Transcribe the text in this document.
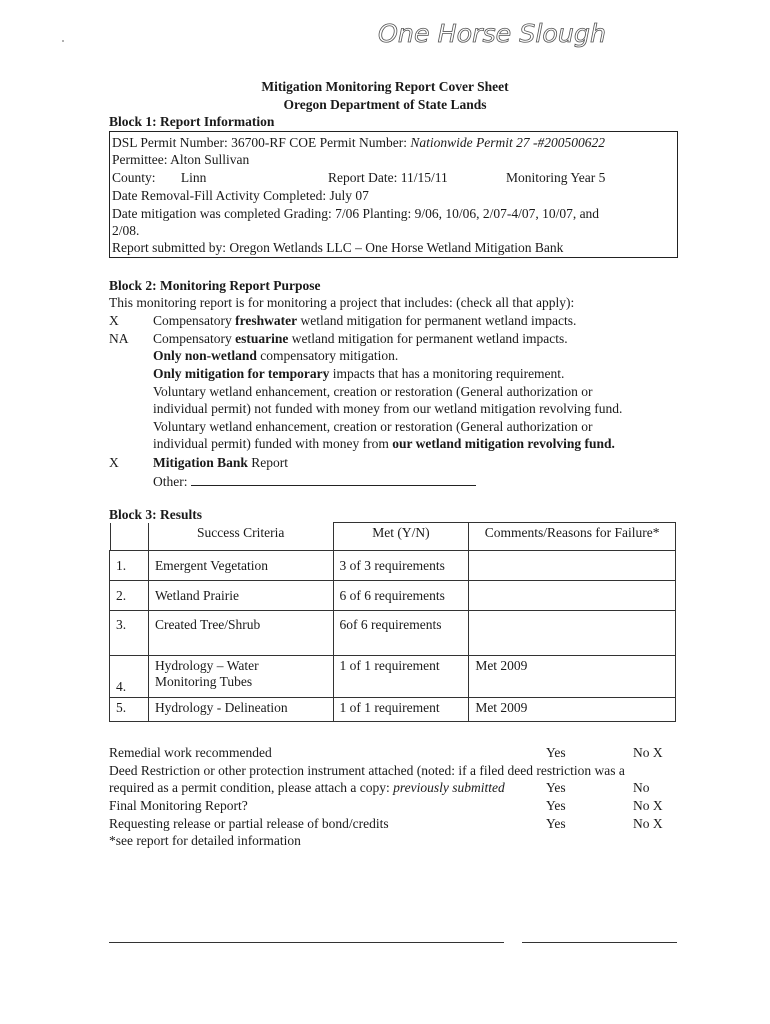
One Horse Slough
Mitigation Monitoring Report Cover Sheet
Oregon Department of State Lands
Block 1: Report Information
DSL Permit Number: 36700-RF COE Permit Number: Nationwide Permit 27 -#200500622
Permittee: Alton Sullivan
County: Linn	Report Date: 11/15/11	Monitoring Year 5
Date Removal-Fill Activity Completed: July 07
Date mitigation was completed Grading: 7/06 Planting: 9/06, 10/06, 2/07-4/07, 10/07, and
2/08.
Report submitted by: Oregon Wetlands LLC – One Horse Wetland Mitigation Bank
Block 2: Monitoring Report Purpose
This monitoring report is for monitoring a project that includes: (check all that apply):
X	Compensatory freshwater wetland mitigation for permanent wetland impacts.
NA Compensatory estuarine wetland mitigation for permanent wetland impacts.
Only non-wetland compensatory mitigation.
Only mitigation for temporary impacts that has a monitoring requirement.
Voluntary wetland enhancement, creation or restoration (General authorization or
individual permit) not funded with money from our wetland mitigation revolving fund.
Voluntary wetland enhancement, creation or restoration (General authorization or
individual permit) funded with money from our wetland mitigation revolving fund.
X	Mitigation Bank Report
Other:
Block 3: Results
	Success Criteria	Met (Y/N)	Comments/Reasons for Failure*
1.	Emergent Vegetation	3 of 3 requirements	
2.	Wetland Prairie	6 of 6 requirements	
3.	Created Tree/Shrub	6of 6 requirements	
4.	Hydrology – Water
Monitoring Tubes	1 of 1 requirement	Met 2009
5.	Hydrology - Delineation	1 of 1 requirement	Met 2009
Remedial work recommended	Yes	No X
Deed Restriction or other protection instrument attached (noted: if a filed deed restriction was a
required as a permit condition, please attach a copy: previously submitted	Yes	No
Final Monitoring Report?	Yes	No X
Requesting release or partial release of bond/credits	Yes	No X
*see report for detailed information
